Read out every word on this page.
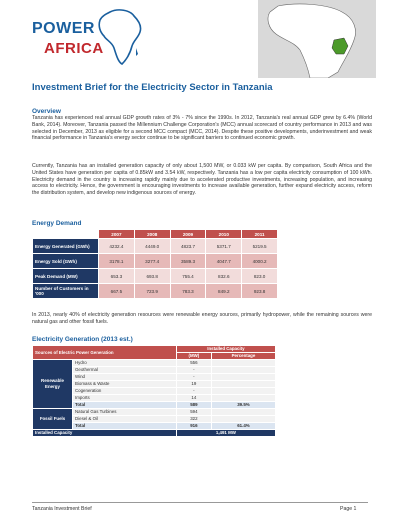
POWER
AFRICA
Investment Brief for the Electricity Sector in Tanzania
Overview

Tanzania has experienced real annual GDP growth rates of 3% - 7% since the 1990s. In 2012, Tanzania's real annual GDP grew by 6.4% (World Bank, 2014). Moreover, Tanzania passed the Millennium Challenge Corporation's (MCC) annual scorecard of country performance in 2013 and was selected in December, 2013 as eligible for a second MCC compact (MCC, 2014). Despite these positive developments, underinvestment and weak financial performance in Tanzania's energy sector continue to be significant barriers to continued economic growth.

Currently, Tanzania has an installed generation capacity of only about 1,500 MW, or 0.033 kW per capita. By comparison, South Africa and the United States have generation per capita of 0.85kW and 3.54 kW, respectively. Tanzania has a low per capita electricity consumption of 100 kWh. Electricity demand in the country is increasing rapidly mainly due to accelerated productive investments, increasing population, and increasing access to electricity. Hence, the government is encouraging investments to increase available generation, further expand electricity access, reform the distribution system, and develop new indigenous sources of energy.

Energy Demand
	2007	2008	2009	2010	2011
Energy Generated (GWh)	4232.4	4449.0	4823.7	5371.7	5219.5
Energy Sold (GWh)	3178.1	3277.4	3589.3	4047.7	4000.2
Peak Demand (MW)	653.3	693.8	755.4	832.6	823.0
Number of Customers in '000	667.5	723.9	783.3	849.2	923.8

In 2013, nearly 40% of electricity generation resources were renewable energy sources, primarily hydropower, while the remaining sources were natural gas and other fossil fuels.

Electricity Generation (2013 est.)
Sources of Electric Power Generation		Installed Capacity	
		(MW)	Percentage
Renewable Energy	Hydro	556	
	Geothermal	-	
	Wind	-	
	Biomass & Waste	19	
	Cogeneration	-	
	Imports	14	
	Total	589	39.5%
Fossil Fuels	Natural Gas Turbines	594	
	Diesel & Oil	322	
	Total	916	61.4%
Installed Capacity		1,491 MW	
Tanzania Investment Brief	Page 1
